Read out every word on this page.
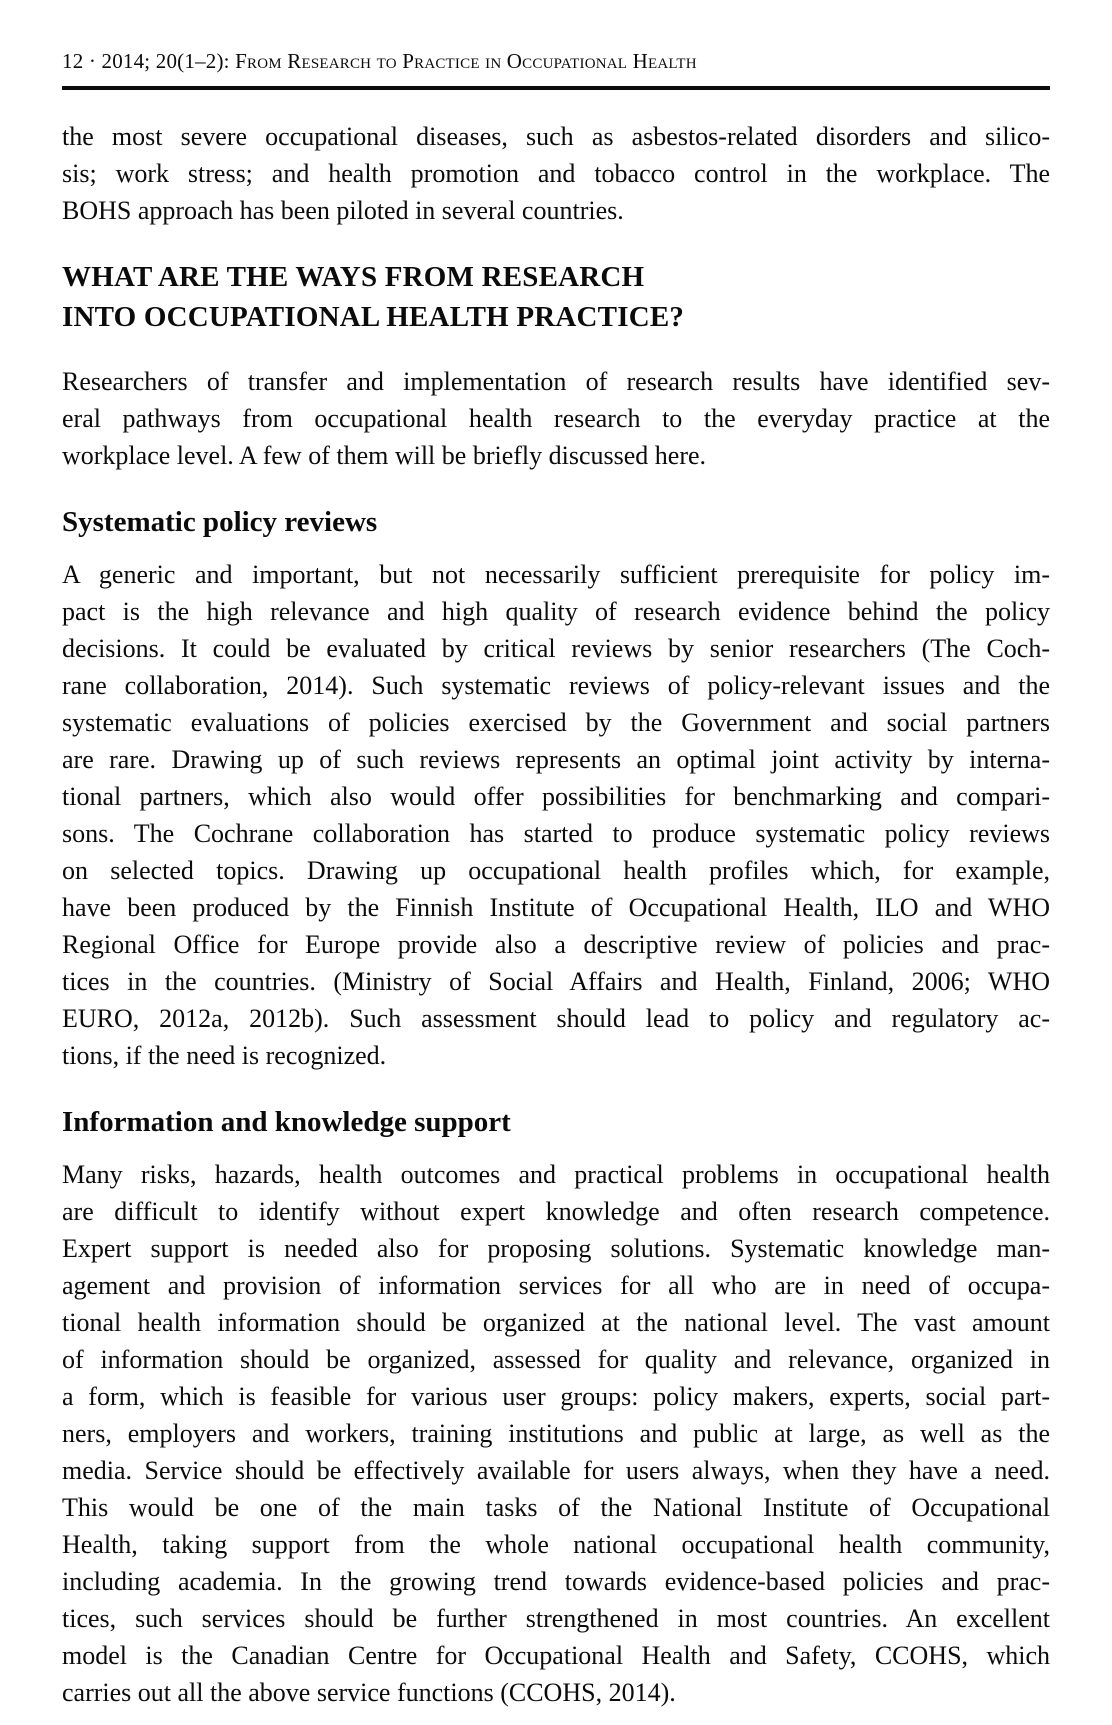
12 · 2014; 20(1–2): From Research to Practice in Occupational Health
the most severe occupational diseases, such as asbestos-related disorders and silico-
sis; work stress; and health promotion and tobacco control in the workplace. The
BOHS approach has been piloted in several countries.
WHAT ARE THE WAYS FROM RESEARCH
INTO OCCUPATIONAL HEALTH PRACTICE?
Researchers of transfer and implementation of research results have identified sev-
eral pathways from occupational health research to the everyday practice at the
workplace level. A few of them will be briefly discussed here.
Systematic policy reviews
A generic and important, but not necessarily sufficient prerequisite for policy im-
pact is the high relevance and high quality of research evidence behind the policy
decisions. It could be evaluated by critical reviews by senior researchers (The Coch-
rane collaboration, 2014). Such systematic reviews of policy-relevant issues and the
systematic evaluations of policies exercised by the Government and social partners
are rare. Drawing up of such reviews represents an optimal joint activity by interna-
tional partners, which also would offer possibilities for benchmarking and compari-
sons. The Cochrane collaboration has started to produce systematic policy reviews
on selected topics. Drawing up occupational health profiles which, for example,
have been produced by the Finnish Institute of Occupational Health, ILO and WHO
Regional Office for Europe provide also a descriptive review of policies and prac-
tices in the countries. (Ministry of Social Affairs and Health, Finland, 2006; WHO
EURO, 2012a, 2012b). Such assessment should lead to policy and regulatory ac-
tions, if the need is recognized.
Information and knowledge support
Many risks, hazards, health outcomes and practical problems in occupational health
are difficult to identify without expert knowledge and often research competence.
Expert support is needed also for proposing solutions. Systematic knowledge man-
agement and provision of information services for all who are in need of occupa-
tional health information should be organized at the national level. The vast amount
of information should be organized, assessed for quality and relevance, organized in
a form, which is feasible for various user groups: policy makers, experts, social part-
ners, employers and workers, training institutions and public at large, as well as the
media. Service should be effectively available for users always, when they have a need.
This would be one of the main tasks of the National Institute of Occupational
Health, taking support from the whole national occupational health community,
including academia. In the growing trend towards evidence-based policies and prac-
tices, such services should be further strengthened in most countries. An excellent
model is the Canadian Centre for Occupational Health and Safety, CCOHS, which
carries out all the above service functions (CCOHS, 2014).
